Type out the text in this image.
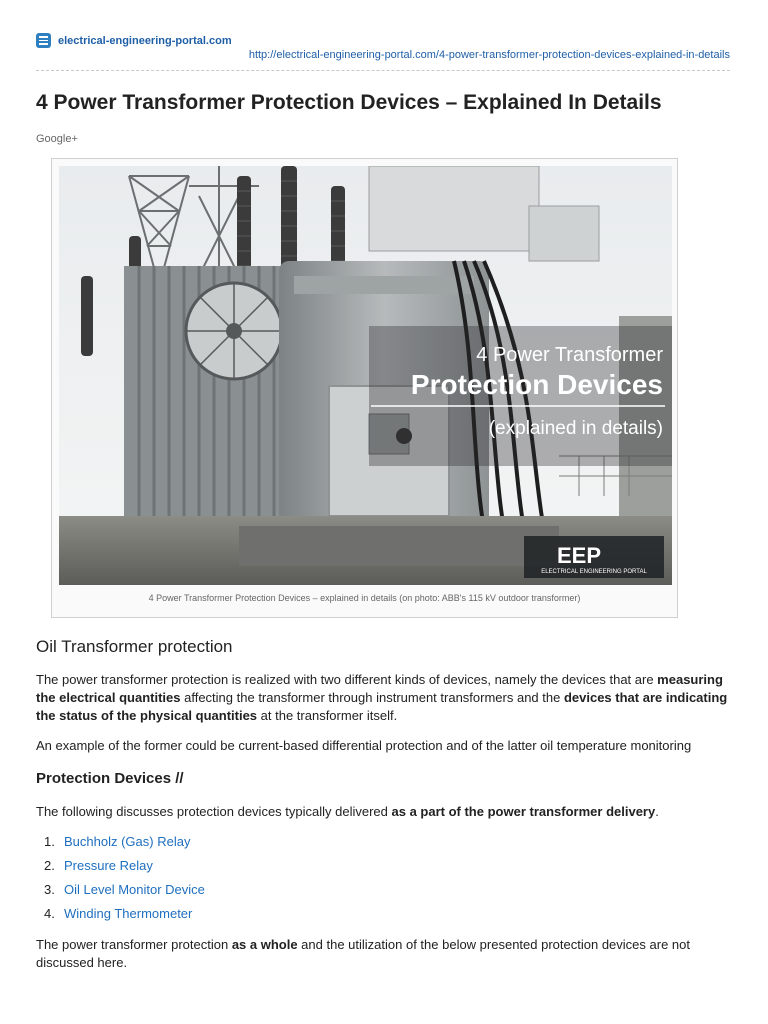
electrical-engineering-portal.com
http://electrical-engineering-portal.com/4-power-transformer-protection-devices-explained-in-details
4 Power Transformer Protection Devices – Explained In Details
Google+
4 Power Transformer
Protection Devices
(explained in details)
EEP
ELECTRICAL ENGINEERING PORTAL
4 Power Transformer Protection Devices – explained in details (on photo: ABB's 115 kV outdoor transformer)
Oil Transformer protection

The power transformer protection is realized with two different kinds of devices, namely the devices that are measuring the electrical quantities affecting the transformer through instrument transformers and the devices that are indicating the status of the physical quantities at the transformer itself.

An example of the former could be current-based differential protection and of the latter oil temperature monitoring

Protection Devices //

The following discusses protection devices typically delivered as a part of the power transformer delivery.

1. Buchholz (Gas) Relay
2. Pressure Relay
3. Oil Level Monitor Device
4. Winding Thermometer

The power transformer protection as a whole and the utilization of the below presented protection devices are not discussed here.
